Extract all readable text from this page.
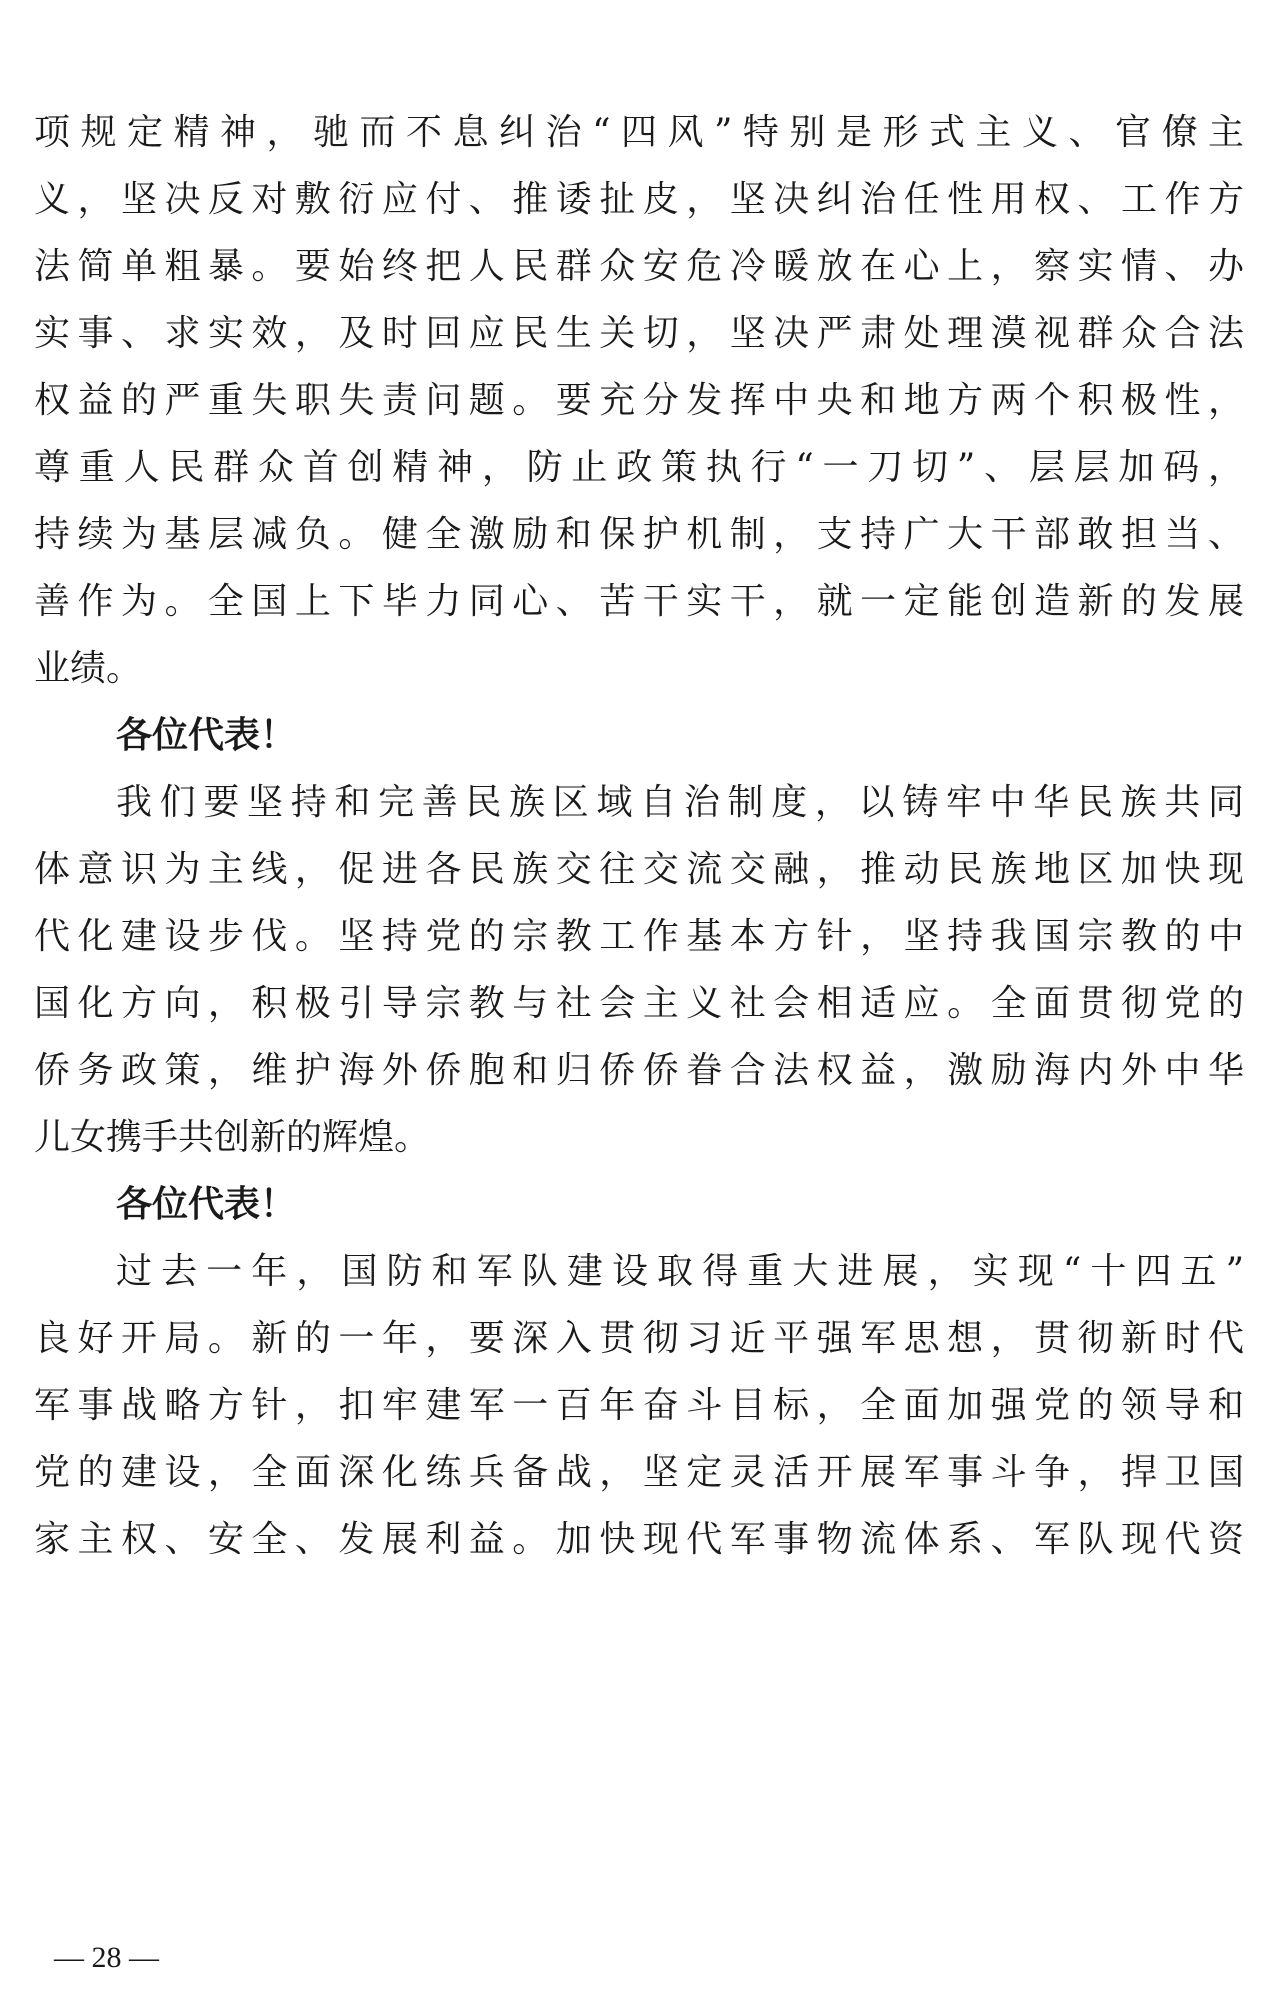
项规定精神，驰而不息纠治“四风”特别是形式主义、官僚主
义，坚决反对敷衍应付、推诿扯皮，坚决纠治任性用权、工作方
法简单粗暴。要始终把人民群众安危冷暖放在心上，察实情、办
实事、求实效，及时回应民生关切，坚决严肃处理漠视群众合法
权益的严重失职失责问题。要充分发挥中央和地方两个积极性，
尊重人民群众首创精神，防止政策执行“一刀切”、层层加码，
持续为基层减负。健全激励和保护机制，支持广大干部敢担当、
善作为。全国上下毕力同心、苦干实干，就一定能创造新的发展
业绩。
各位代表！
我们要坚持和完善民族区域自治制度，以铸牢中华民族共同
体意识为主线，促进各民族交往交流交融，推动民族地区加快现
代化建设步伐。坚持党的宗教工作基本方针，坚持我国宗教的中
国化方向，积极引导宗教与社会主义社会相适应。全面贯彻党的
侨务政策，维护海外侨胞和归侨侨眷合法权益，激励海内外中华
儿女携手共创新的辉煌。
各位代表！
过去一年，国防和军队建设取得重大进展，实现“十四五”
良好开局。新的一年，要深入贯彻习近平强军思想，贯彻新时代
军事战略方针，扣牢建军一百年奋斗目标，全面加强党的领导和
党的建设，全面深化练兵备战，坚定灵活开展军事斗争，捍卫国
家主权、安全、发展利益。加快现代军事物流体系、军队现代资
— 28 —
